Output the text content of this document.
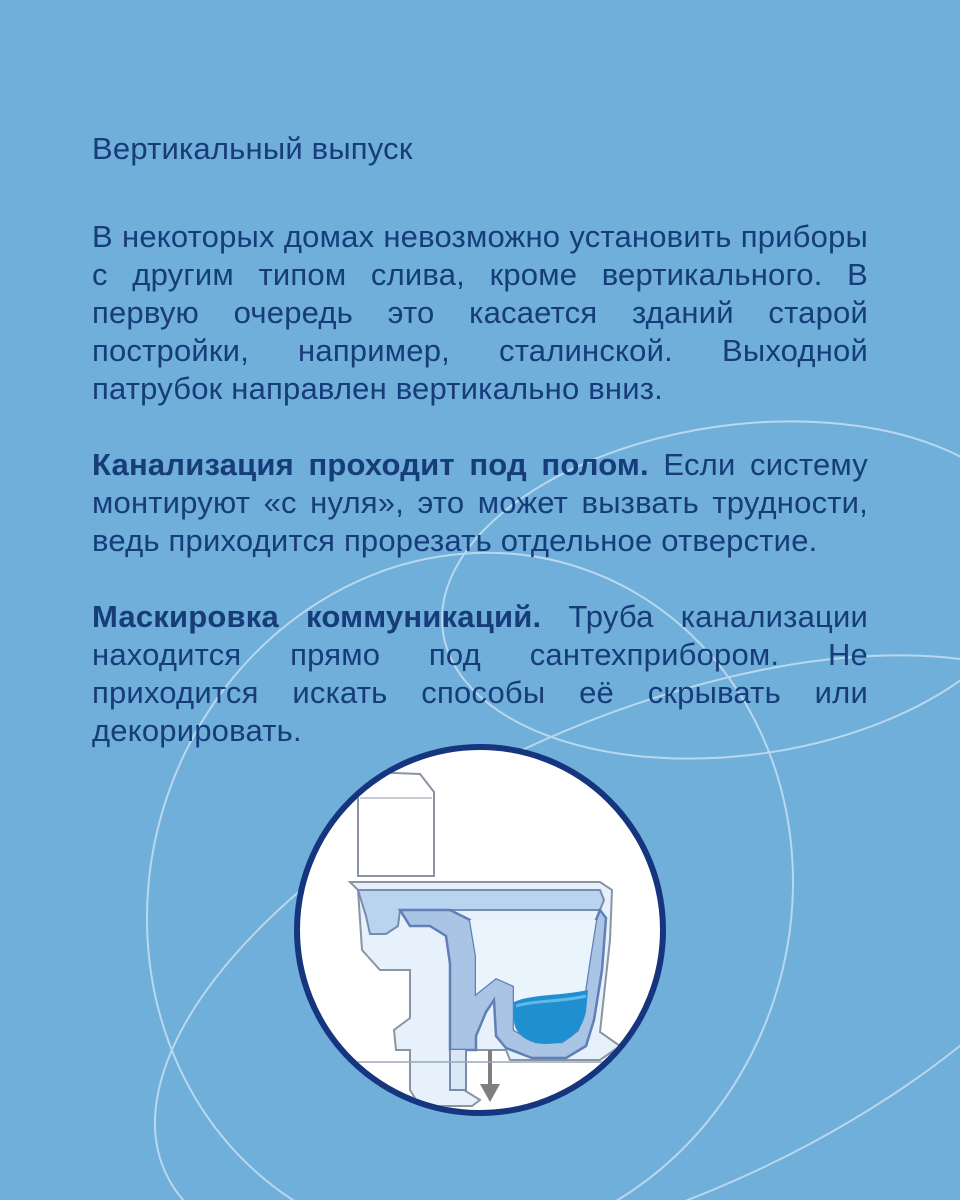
Вертикальный выпуск

В некоторых домах невозможно установить приборы с другим типом слива, кроме вертикального. В первую очередь это касается зданий старой постройки, например, сталинской. Выходной патрубок направлен вертикально вниз.

Канализация проходит под полом. Если систему монтируют «с нуля», это может вызвать трудности, ведь приходится прорезать отдельное отверстие.

Маскировка коммуникаций. Труба канализации находится прямо под сантехприбором. Не приходится искать способы её скрывать или декорировать.
